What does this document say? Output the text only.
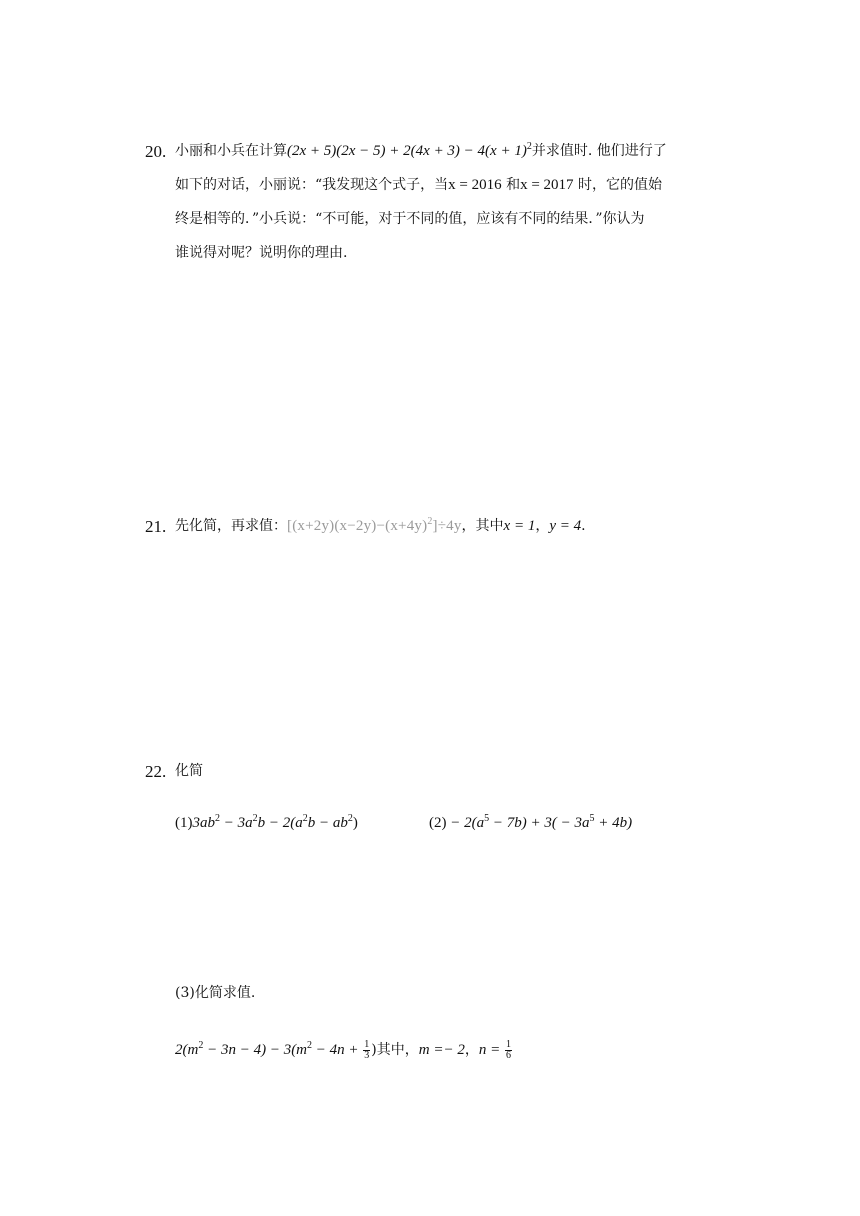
20. 小丽和小兵在计算$(2x + 5)(2x - 5) + 2(4x + 3) - 4(x + 1)^2$并求值时. 他们进行了
如下的对话，小丽说：“我发现这个式子，当x = 2016 和x = 2017 时，它的值始
终是相等的．”小兵说：“不可能，对于不同的值，应该有不同的结果．”你认为
谁说得对呢？说明你的理由.
21. 先化简，再求值：$[(x+2y)(x-2y)-(x+4y)^2]\div 4y$，其中x = 1，y = 4.
22. 化简
$(1)3ab^2 - 3a^2b - 2(a^2b - ab^2)$	$(2) - 2(a^5 - 7b) + 3( - 3a^5 + 4b)$
(3)化简求值.
$2(m^2 - 3n - 4) - 3(m^2 - 4n + \frac{1}{3}$ )其中，m =− 2，$n = \frac{1}{6}$
